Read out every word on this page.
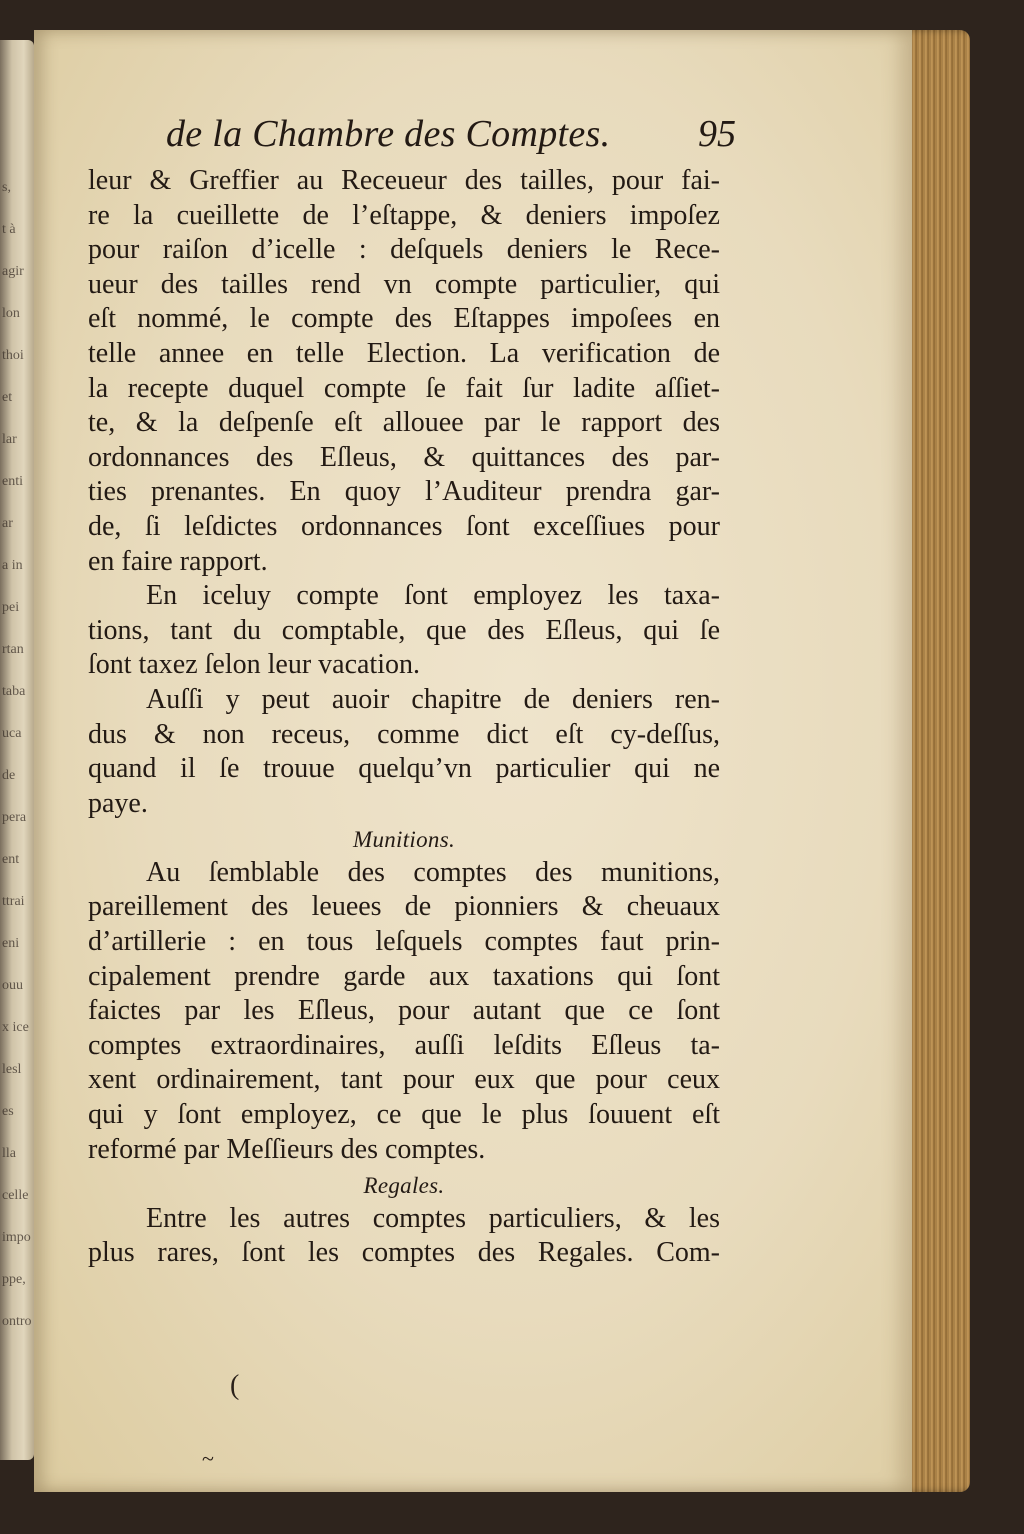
s,
t à
agir
lon
thoi
et
lar
enti
ar
a in
pei
rtan
taba
uca
de
pera
ent
ttrai
eni
ouu
x ice
lesl
es
lla
celle
impo
ppe,
ontro
de la Chambre des Comptes. 95
leur & Greffier au Receueur des tailles, pour fai-
re la cueillette de l’eſtappe, & deniers impoſez
pour raiſon d’icelle : deſquels deniers le Rece-
ueur des tailles rend vn compte particulier, qui
eſt nommé, le compte des Eſtappes impoſees en
telle annee en telle Election. La verification de
la recepte duquel compte ſe fait ſur ladite aſſiet-
te, & la deſpenſe eſt allouee par le rapport des
ordonnances des Eſleus, & quittances des par-
ties prenantes. En quoy l’Auditeur prendra gar-
de, ſi leſdictes ordonnances ſont exceſſiues pour
en faire rapport.
En iceluy compte ſont employez les taxa-
tions, tant du comptable, que des Eſleus, qui ſe
ſont taxez ſelon leur vacation.
Auſſi y peut auoir chapitre de deniers ren-
dus & non receus, comme dict eſt cy-deſſus,
quand il ſe trouue quelqu’vn particulier qui ne
paye.
Munitions.
Au ſemblable des comptes des munitions,
pareillement des leuees de pionniers & cheuaux
d’artillerie : en tous leſquels comptes faut prin-
cipalement prendre garde aux taxations qui ſont
faictes par les Eſleus, pour autant que ce ſont
comptes extraordinaires, auſſi leſdits Eſleus ta-
xent ordinairement, tant pour eux que pour ceux
qui y ſont employez, ce que le plus ſouuent eſt
reformé par Meſſieurs des comptes.
Regales.
Entre les autres comptes particuliers, & les
plus rares, ſont les comptes des Regales. Com-
(
~
